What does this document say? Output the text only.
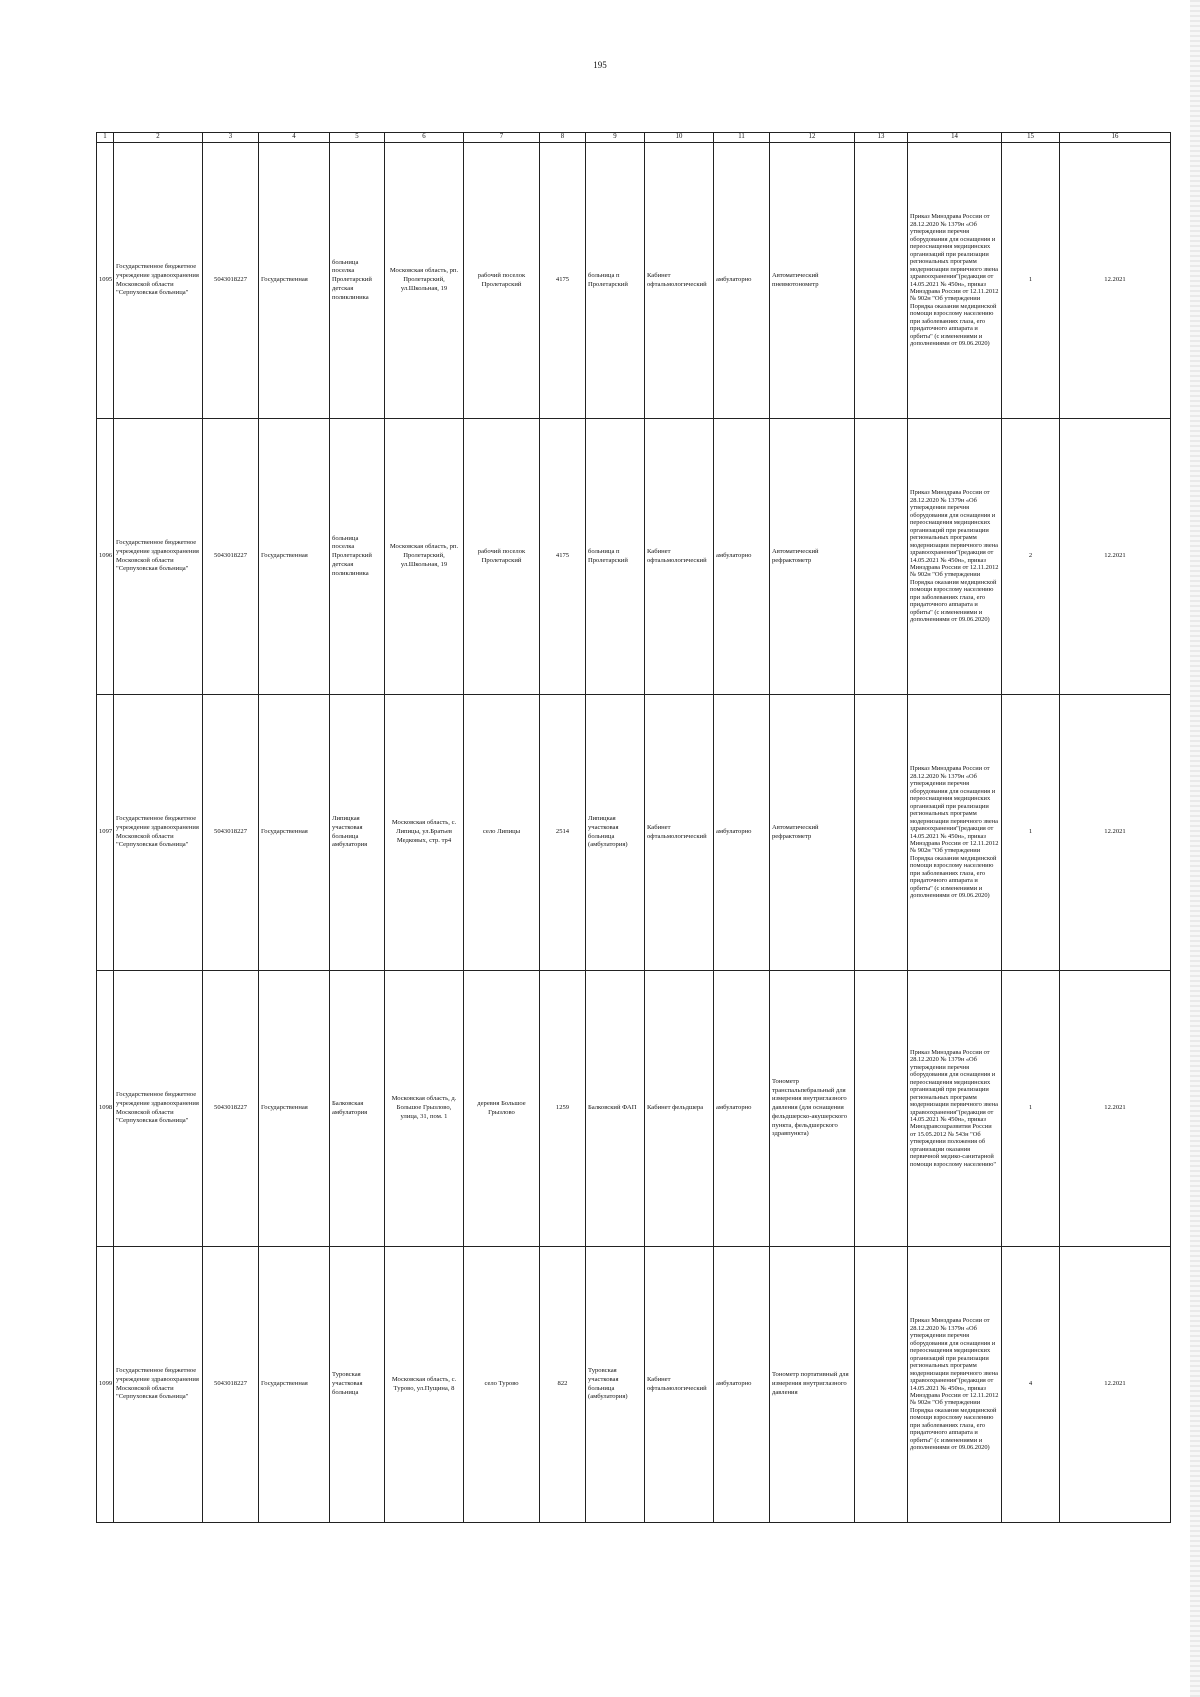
195
1	2	3	4	5	6	7	8	9	10	11	12	13	14	15	16
1095	Государственное бюджетное учреждение здравоохранения Московской области "Серпуховская больница"	5043018227	Государственная	больница поселка Пролетарский детская поликлиника	Московская область, рп. Пролетарский, ул.Школьная, 19	рабочий поселок Пролетарский	4175	больница п Пролетарский	Кабинет офтальмологический	амбулаторно	Автоматический пневмотонометр		Приказ Минздрава России от 28.12.2020 № 1379н «Об утверждении перечня оборудования для оснащения и переоснащения медицинских организаций при реализации региональных программ модернизации первичного звена здравоохранения"(редакция от 14.05.2021 № 450н», приказ Минздрава России от 12.11.2012 № 902н "Об утверждении Порядка оказания медицинской помощи взрослому населению при заболеваниях глаза, его придаточного аппарата и орбиты" (с изменениями и дополнениями от 09.06.2020)	1	12.2021
1096	Государственное бюджетное учреждение здравоохранения Московской области "Серпуховская больница"	5043018227	Государственная	больница поселка Пролетарский детская поликлиника	Московская область, рп. Пролетарский, ул.Школьная, 19	рабочий поселок Пролетарский	4175	больница п Пролетарский	Кабинет офтальмологический	амбулаторно	Автоматический рефрактометр		Приказ Минздрава России от 28.12.2020 № 1379н «Об утверждении перечня оборудования для оснащения и переоснащения медицинских организаций при реализации региональных программ модернизации первичного звена здравоохранения"(редакция от 14.05.2021 № 450н», приказ Минздрава России от 12.11.2012 № 902н "Об утверждении Порядка оказания медицинской помощи взрослому населению при заболеваниях глаза, его придаточного аппарата и орбиты" (с изменениями и дополнениями от 09.06.2020)	2	12.2021
1097	Государственное бюджетное учреждение здравоохранения Московской области "Серпуховская больница"	5043018227	Государственная	Липицкая участковая больница амбулатория	Московская область, с. Липицы, ул.Братьев Медковых, стр. тр4	село Липицы	2514	Липицкая участковая больница (амбулатория)	Кабинет офтальмологический	амбулаторно	Автоматический рефрактометр		Приказ Минздрава России от 28.12.2020 № 1379н «Об утверждении перечня оборудования для оснащения и переоснащения медицинских организаций при реализации региональных программ модернизации первичного звена здравоохранения"(редакция от 14.05.2021 № 450н», приказ Минздрава России от 12.11.2012 № 902н "Об утверждении Порядка оказания медицинской помощи взрослому населению при заболеваниях глаза, его придаточного аппарата и орбиты" (с изменениями и дополнениями от 09.06.2020)	1	12.2021
1098	Государственное бюджетное учреждение здравоохранения Московской области "Серпуховская больница"	5043018227	Государственная	Балковская амбулатория	Московская область, д. Большое Грызлово, улица, 31, пом. 1	деревня Большое Грызлово	1259	Балковский ФАП	Кабинет фельдшера	амбулаторно	Тонометр транспальпебральный для измерения внутриглазного давления (для оснащения фельдшерско-акушерского пункта, фельдшерского здравпункта)		Приказ Минздрава России от 28.12.2020 № 1379н «Об утверждении перечня оборудования для оснащения и переоснащения медицинских организаций при реализации региональных программ модернизации первичного звена здравоохранения"(редакция от 14.05.2021 № 450н», приказ Минздравсоцразвития России от 15.05.2012 № 543н "Об утверждении положения об организации оказания первичной медико-санитарной помощи взрослому населению"	1	12.2021
1099	Государственное бюджетное учреждение здравоохранения Московской области "Серпуховская больница"	5043018227	Государственная	Туровская участковая больница	Московская область, с. Турово, ул.Пущина, 8	село Турово	822	Туровская участковая больница (амбулатория)	Кабинет офтальмологический	амбулаторно	Тонометр портативный для измерения внутриглазного давления		Приказ Минздрава России от 28.12.2020 № 1379н «Об утверждении перечня оборудования для оснащения и переоснащения медицинских организаций при реализации региональных программ модернизации первичного звена здравоохранения"(редакция от 14.05.2021 № 450н», приказ Минздрава России от 12.11.2012 № 902н "Об утверждении Порядка оказания медицинской помощи взрослому населению при заболеваниях глаза, его придаточного аппарата и орбиты" (с изменениями и дополнениями от 09.06.2020)	4	12.2021
